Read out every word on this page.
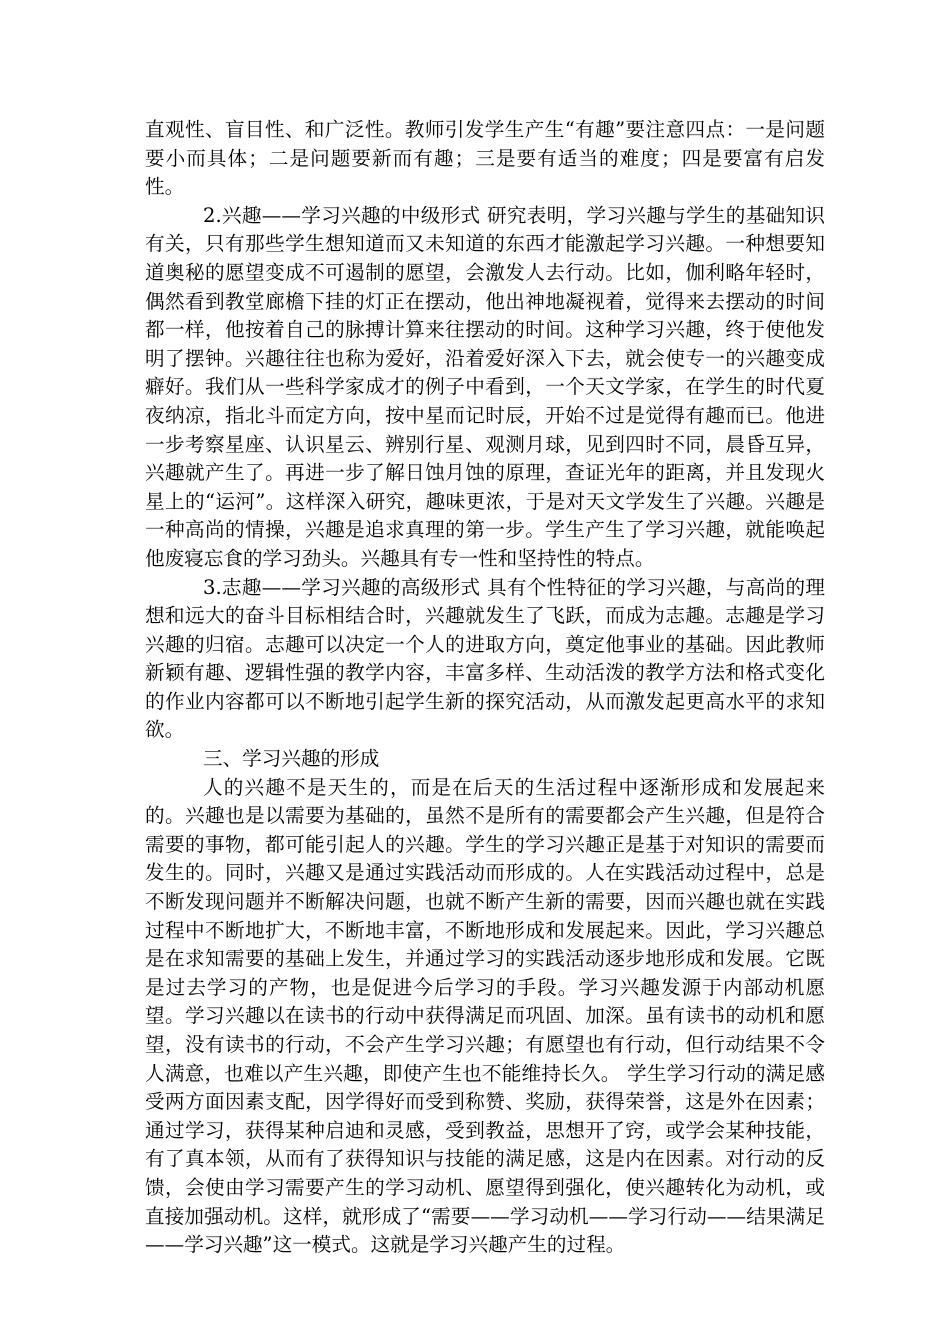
直观性、盲目性、和广泛性。教师引发学生产生“有趣”要注意四点：一是问题要小而具体；二是问题要新而有趣；三是要有适当的难度；四是要富有启发性。

2.兴趣——学习兴趣的中级形式 研究表明，学习兴趣与学生的基础知识有关，只有那些学生想知道而又未知道的东西才能激起学习兴趣。一种想要知道奥秘的愿望变成不可遏制的愿望，会激发人去行动。比如，伽利略年轻时，偶然看到教堂廊檐下挂的灯正在摆动，他出神地凝视着，觉得来去摆动的时间都一样，他按着自己的脉搏计算来往摆动的时间。这种学习兴趣，终于使他发明了摆钟。兴趣往往也称为爱好，沿着爱好深入下去，就会使专一的兴趣变成癖好。我们从一些科学家成才的例子中看到，一个天文学家，在学生的时代夏夜纳凉，指北斗而定方向，按中星而记时辰，开始不过是觉得有趣而已。他进一步考察星座、认识星云、辨别行星、观测月球，见到四时不同，晨昏互异，兴趣就产生了。再进一步了解日蚀月蚀的原理，查证光年的距离，并且发现火星上的“运河”。这样深入研究，趣味更浓，于是对天文学发生了兴趣。兴趣是一种高尚的情操，兴趣是追求真理的第一步。学生产生了学习兴趣，就能唤起他废寝忘食的学习劲头。兴趣具有专一性和坚持性的特点。

3.志趣——学习兴趣的高级形式 具有个性特征的学习兴趣，与高尚的理想和远大的奋斗目标相结合时，兴趣就发生了飞跃，而成为志趣。志趣是学习兴趣的归宿。志趣可以决定一个人的进取方向，奠定他事业的基础。因此教师新颖有趣、逻辑性强的教学内容，丰富多样、生动活泼的教学方法和格式变化的作业内容都可以不断地引起学生新的探究活动，从而激发起更高水平的求知欲。

三、学习兴趣的形成

人的兴趣不是天生的，而是在后天的生活过程中逐渐形成和发展起来的。兴趣也是以需要为基础的，虽然不是所有的需要都会产生兴趣，但是符合需要的事物，都可能引起人的兴趣。学生的学习兴趣正是基于对知识的需要而发生的。同时，兴趣又是通过实践活动而形成的。人在实践活动过程中，总是不断发现问题并不断解决问题，也就不断产生新的需要，因而兴趣也就在实践过程中不断地扩大，不断地丰富，不断地形成和发展起来。因此，学习兴趣总是在求知需要的基础上发生，并通过学习的实践活动逐步地形成和发展。它既是过去学习的产物，也是促进今后学习的手段。学习兴趣发源于内部动机愿望。学习兴趣以在读书的行动中获得满足而巩固、加深。虽有读书的动机和愿望，没有读书的行动，不会产生学习兴趣；有愿望也有行动，但行动结果不令人满意，也难以产生兴趣，即使产生也不能维持长久。 学生学习行动的满足感受两方面因素支配，因学得好而受到称赞、奖励，获得荣誉，这是外在因素；通过学习，获得某种启迪和灵感，受到教益，思想开了窍，或学会某种技能，有了真本领，从而有了获得知识与技能的满足感，这是内在因素。对行动的反馈，会使由学习需要产生的学习动机、愿望得到强化，使兴趣转化为动机，或直接加强动机。这样，就形成了“需要——学习动机——学习行动——结果满足——学习兴趣”这一模式。这就是学习兴趣产生的过程。
